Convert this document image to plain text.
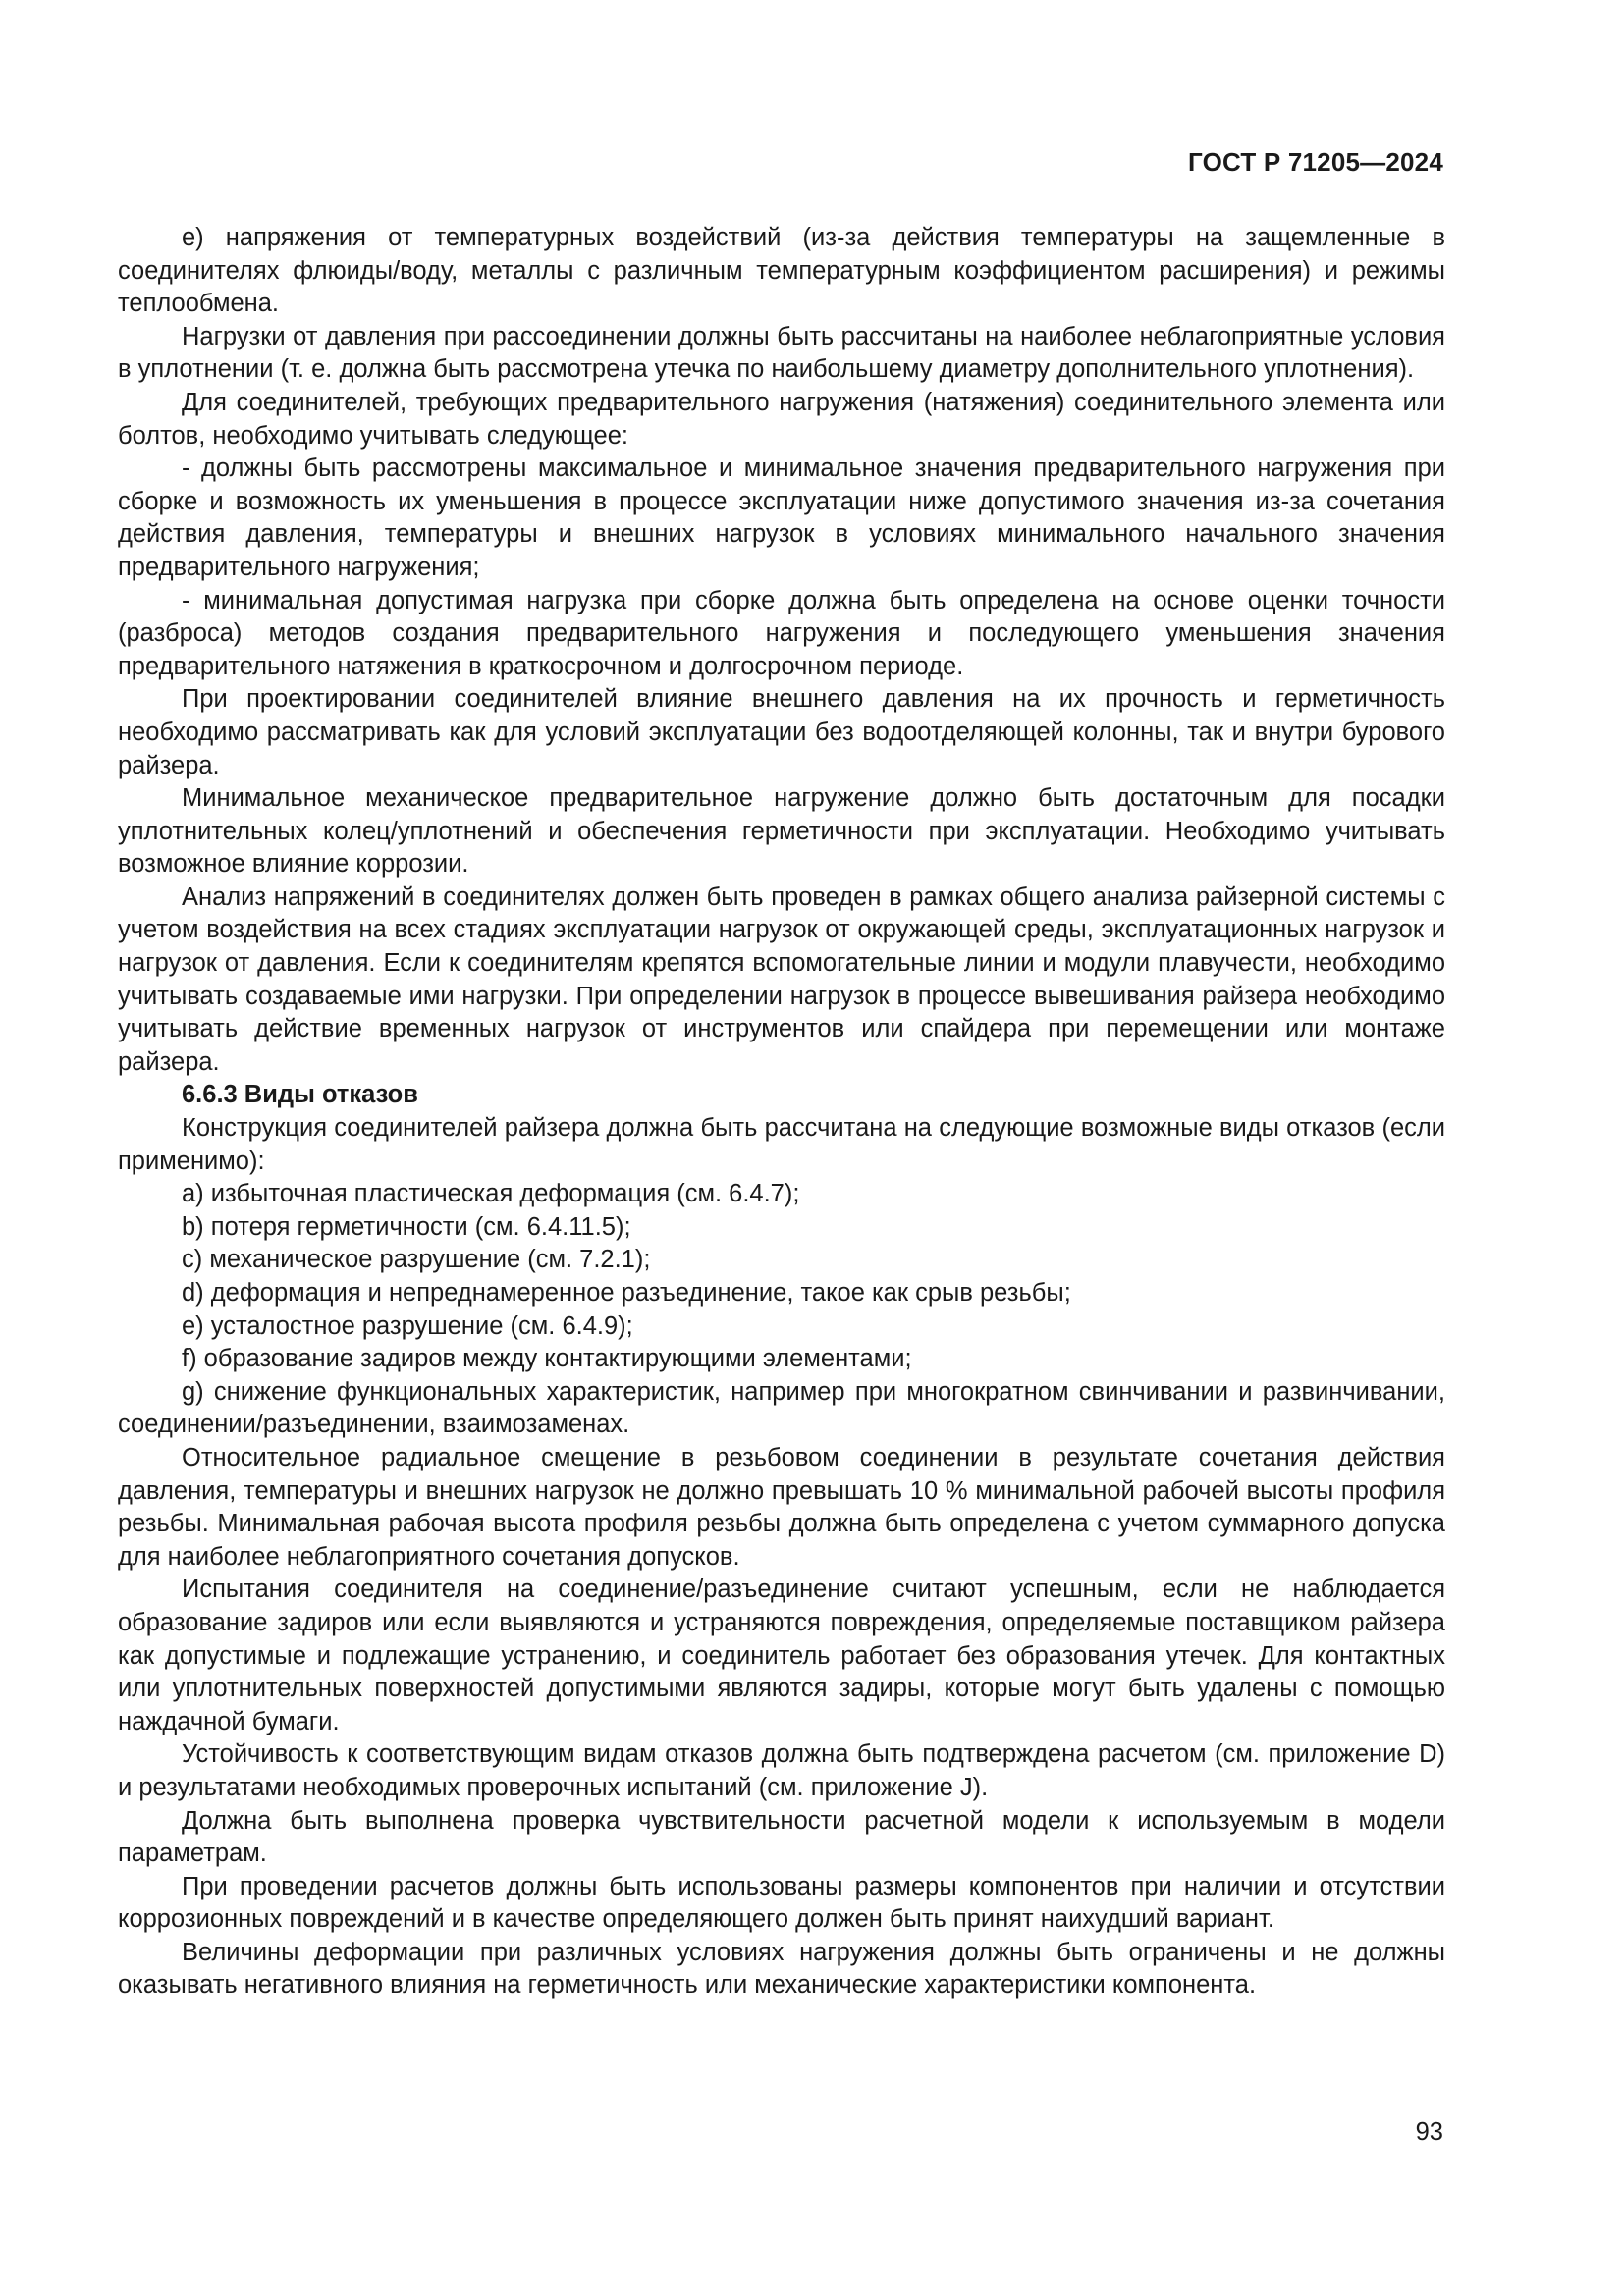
ГОСТ Р 71205—2024

е) напряжения от температурных воздействий (из-за действия температуры на защемленные в соединителях флюиды/воду, металлы с различным температурным коэффициентом расширения) и режимы теплообмена.

Нагрузки от давления при рассоединении должны быть рассчитаны на наиболее неблагоприятные условия в уплотнении (т. е. должна быть рассмотрена утечка по наибольшему диаметру дополнительного уплотнения).

Для соединителей, требующих предварительного нагружения (натяжения) соединительного элемента или болтов, необходимо учитывать следующее:

- должны быть рассмотрены максимальное и минимальное значения предварительного нагружения при сборке и возможность их уменьшения в процессе эксплуатации ниже допустимого значения из-за сочетания действия давления, температуры и внешних нагрузок в условиях минимального начального значения предварительного нагружения;

- минимальная допустимая нагрузка при сборке должна быть определена на основе оценки точности (разброса) методов создания предварительного нагружения и последующего уменьшения значения предварительного натяжения в краткосрочном и долгосрочном периоде.

При проектировании соединителей влияние внешнего давления на их прочность и герметичность необходимо рассматривать как для условий эксплуатации без водоотделяющей колонны, так и внутри бурового райзера.

Минимальное механическое предварительное нагружение должно быть достаточным для посадки уплотнительных колец/уплотнений и обеспечения герметичности при эксплуатации. Необходимо учитывать возможное влияние коррозии.

Анализ напряжений в соединителях должен быть проведен в рамках общего анализа райзерной системы с учетом воздействия на всех стадиях эксплуатации нагрузок от окружающей среды, эксплуатационных нагрузок и нагрузок от давления. Если к соединителям крепятся вспомогательные линии и модули плавучести, необходимо учитывать создаваемые ими нагрузки. При определении нагрузок в процессе вывешивания райзера необходимо учитывать действие временных нагрузок от инструментов или спайдера при перемещении или монтаже райзера.

6.6.3 Виды отказов

Конструкция соединителей райзера должна быть рассчитана на следующие возможные виды отказов (если применимо):

a) избыточная пластическая деформация (см. 6.4.7);

b) потеря герметичности (см. 6.4.11.5);

c) механическое разрушение (см. 7.2.1);

d) деформация и непреднамеренное разъединение, такое как срыв резьбы;

e) усталостное разрушение (см. 6.4.9);

f) образование задиров между контактирующими элементами;

g) снижение функциональных характеристик, например при многократном свинчивании и развинчивании, соединении/разъединении, взаимозаменах.

Относительное радиальное смещение в резьбовом соединении в результате сочетания действия давления, температуры и внешних нагрузок не должно превышать 10 % минимальной рабочей высоты профиля резьбы. Минимальная рабочая высота профиля резьбы должна быть определена с учетом суммарного допуска для наиболее неблагоприятного сочетания допусков.

Испытания соединителя на соединение/разъединение считают успешным, если не наблюдается образование задиров или если выявляются и устраняются повреждения, определяемые поставщиком райзера как допустимые и подлежащие устранению, и соединитель работает без образования утечек. Для контактных или уплотнительных поверхностей допустимыми являются задиры, которые могут быть удалены с помощью наждачной бумаги.

Устойчивость к соответствующим видам отказов должна быть подтверждена расчетом (см. приложение D) и результатами необходимых проверочных испытаний (см. приложение J).

Должна быть выполнена проверка чувствительности расчетной модели к используемым в модели параметрам.

При проведении расчетов должны быть использованы размеры компонентов при наличии и отсутствии коррозионных повреждений и в качестве определяющего должен быть принят наихудший вариант.

Величины деформации при различных условиях нагружения должны быть ограничены и не должны оказывать негативного влияния на герметичность или механические характеристики компонента.

93
